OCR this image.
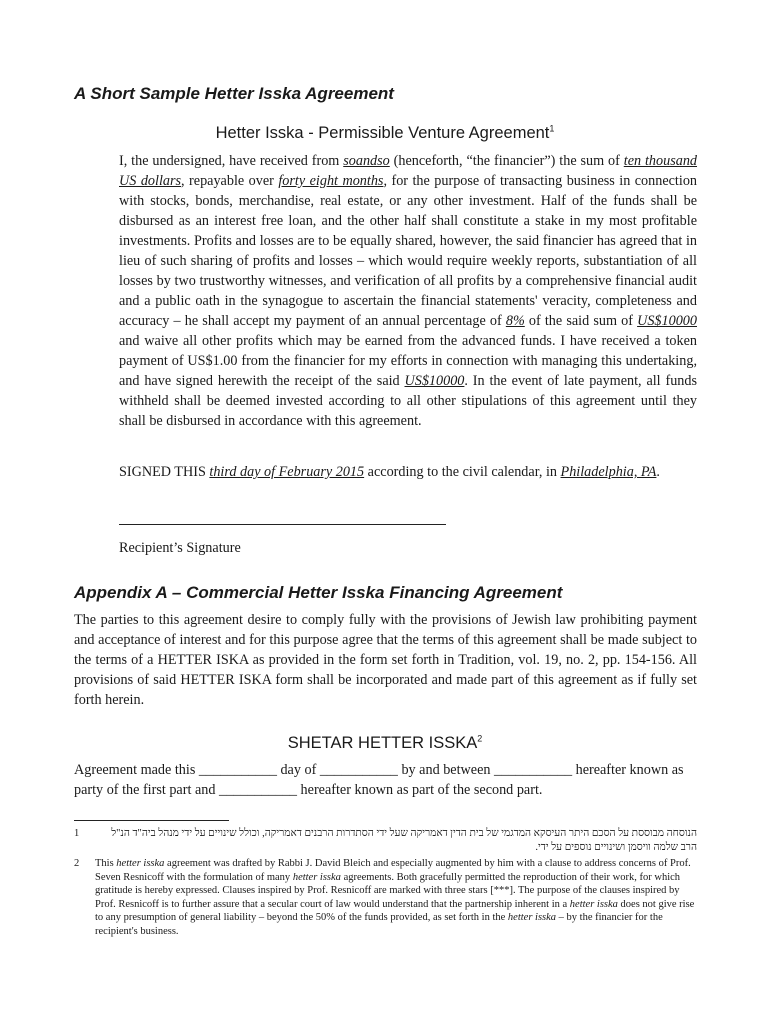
A Short Sample Hetter Isska Agreement
Hetter Isska - Permissible Venture Agreement$^1$

I, the undersigned, have received from soandso (henceforth, “the financier”) the sum of ten thousand US dollars, repayable over forty eight months, for the purpose of transacting business in connection with stocks, bonds, merchandise, real estate, or any other investment. Half of the funds shall be disbursed as an interest free loan, and the other half shall constitute a stake in my most profitable investments. Profits and losses are to be equally shared, however, the said financier has agreed that in lieu of such sharing of profits and losses – which would require weekly reports, substantiation of all losses by two trustworthy witnesses, and verification of all profits by a comprehensive financial audit and a public oath in the synagogue to ascertain the financial statements' veracity, completeness and accuracy – he shall accept my payment of an annual percentage of 8% of the said sum of US$10000 and waive all other profits which may be earned from the advanced funds. I have received a token payment of US$1.00 from the financier for my efforts in connection with managing this undertaking, and have signed herewith the receipt of the said US$10000. In the event of late payment, all funds withheld shall be deemed invested according to all other stipulations of this agreement until they shall be disbursed in accordance with this agreement.

SIGNED THIS third day of February 2015 according to the civil calendar, in Philadelphia, PA.

Recipient’s Signature
Appendix A – Commercial Hetter Isska Financing Agreement

The parties to this agreement desire to comply fully with the provisions of Jewish law prohibiting payment and acceptance of interest and for this purpose agree that the terms of this agreement shall be made subject to the terms of a HETTER ISKA as provided in the form set forth in Tradition, vol. 19, no. 2, pp. 154-156. All provisions of said HETTER ISKA form shall be incorporated and made part of this agreement as if fully set forth herein.

SHETAR HETTER ISSKA$^2$

Agreement made this ___________ day of ___________ by and between ___________ hereafter known as party of the first part and ___________ hereafter known as part of the second part.

1	הנוסחה מבוססת על הסכם היתר העיסקא המדגמי של בית הדין דאמריקה שעל ידי הסתדרות הרבנים דאמריקה, וכולל שינויים על ידי מנהל ביה"ד הנ"ל הרב שלמה וויסמן ושינויים נוספים על ידי.
2 This hetter isska agreement was drafted by Rabbi J. David Bleich and especially augmented by him with a clause to address concerns of Prof. Seven Resnicoff with the formulation of many hetter isska agreements. Both gracefully permitted the reproduction of their work, for which gratitude is hereby expressed. Clauses inspired by Prof. Resnicoff are marked with three stars [***]. The purpose of the clauses inspired by Prof. Resnicoff is to further assure that a secular court of law would understand that the partnership inherent in a hetter isska does not give rise to any presumption of general liability – beyond the 50% of the funds provided, as set forth in the hetter isska – by the financier for the recipient's business.
